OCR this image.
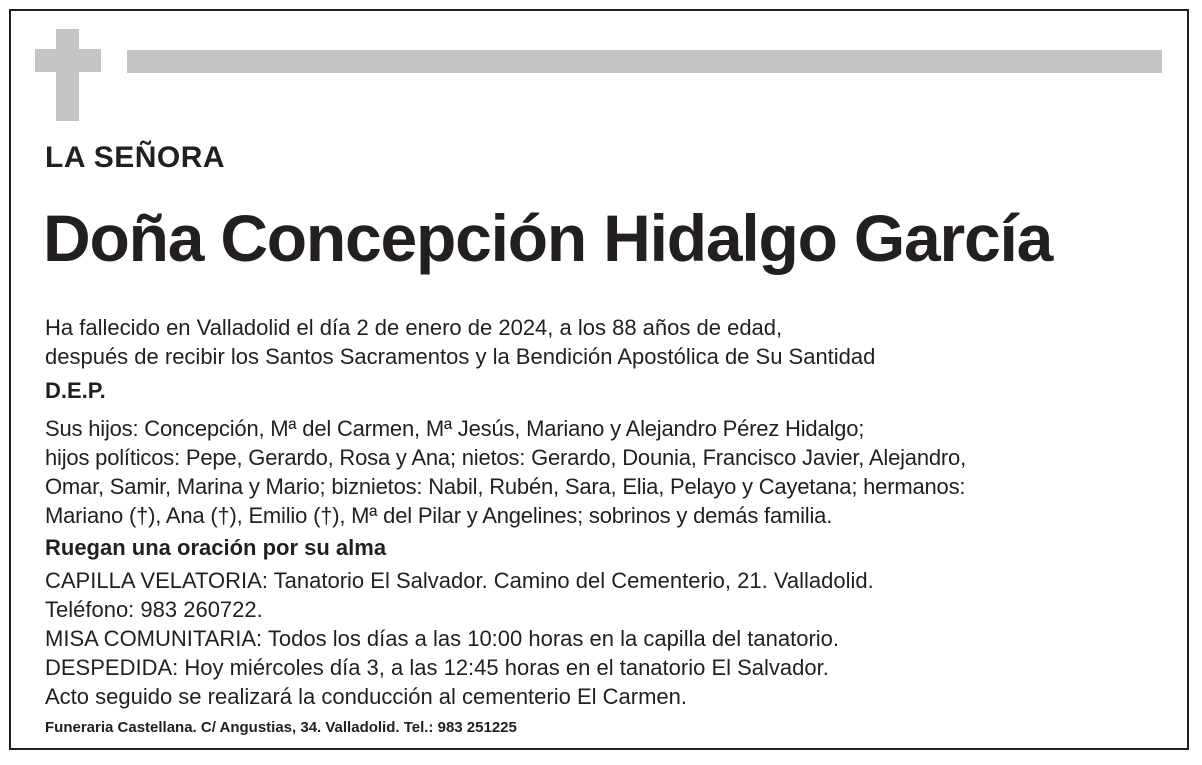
LA SEÑORA
Doña Concepción Hidalgo García
Ha fallecido en Valladolid el día 2 de enero de 2024, a los 88 años de edad,
después de recibir los Santos Sacramentos y la Bendición Apostólica de Su Santidad
D.E.P.
Sus hijos: Concepción, Mª del Carmen, Mª Jesús, Mariano y Alejandro Pérez Hidalgo;
hijos políticos: Pepe, Gerardo, Rosa y Ana; nietos: Gerardo, Dounia, Francisco Javier, Alejandro,
Omar, Samir, Marina y Mario; biznietos: Nabil, Rubén, Sara, Elia, Pelayo y Cayetana; hermanos:
Mariano (†), Ana (†), Emilio (†), Mª del Pilar y Angelines; sobrinos y demás familia.
Ruegan una oración por su alma
CAPILLA VELATORIA: Tanatorio El Salvador. Camino del Cementerio, 21. Valladolid.
Teléfono: 983 260722.
MISA COMUNITARIA: Todos los días a las 10:00 horas en la capilla del tanatorio.
DESPEDIDA: Hoy miércoles día 3, a las 12:45 horas en el tanatorio El Salvador.
Acto seguido se realizará la conducción al cementerio El Carmen.
Funeraria Castellana. C/ Angustias, 34. Valladolid. Tel.: 983 251225
